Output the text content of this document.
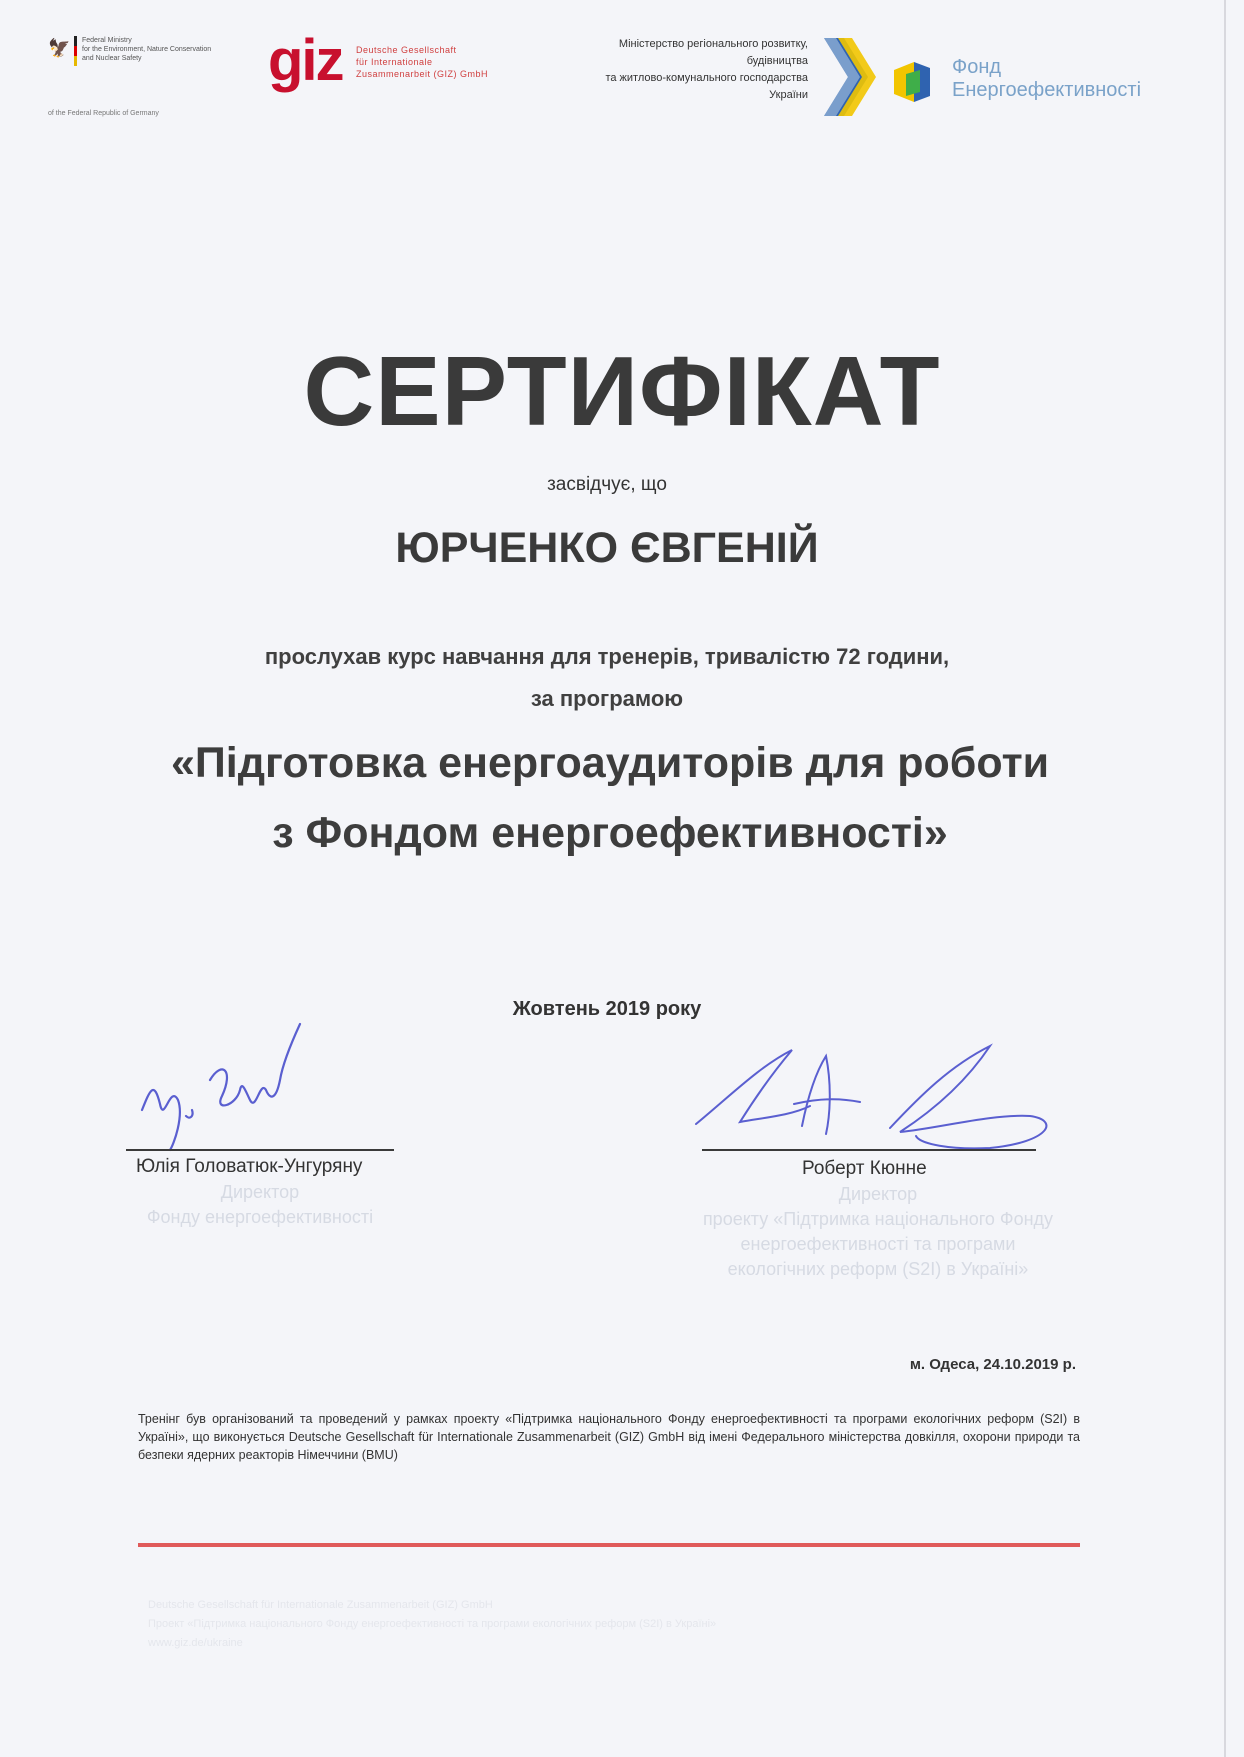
🦅 Federal Ministry
for the Environment, Nature Conservation
and Nuclear Safety
of the Federal Republic of Germany
giz Deutsche Gesellschaft
für Internationale
Zusammenarbeit (GIZ) GmbH
Міністерство регіонального розвитку,
будівництва
та житлово-комунального господарства
України
Фонд
Енергоефективності
СЕРТИФІКАТ
засвідчує, що
ЮРЧЕНКО ЄВГЕНІЙ
прослухав курс навчання для тренерів, тривалістю 72 години,
за програмою
«Підготовка енергоаудиторів для роботи з Фондом енергоефективності»
Жовтень 2019 року
Юлія Головатюк-Унгуряну
Директор
Фонду енергоефективності
Роберт Кюнне
Директор
проекту «Підтримка національного Фонду
енергоефективності та програми
екологічних реформ (S2I) в Україні»
м. Одеса, 24.10.2019 р.
Тренінг був організований та проведений у рамках проекту «Підтримка національного Фонду енергоефективності та програми екологічних реформ (S2I) в Україні», що виконується Deutsche Gesellschaft für Internationale Zusammenarbeit (GIZ) GmbH від імені Федерального міністерства довкілля, охорони природи та безпеки ядерних реакторів Німеччини (BMU)
Deutsche Gesellschaft für Internationale Zusammenarbeit (GIZ) GmbH
Проект «Підтримка національного Фонду енергоефективності та програми екологічних реформ (S2I) в Україні»
www.giz.de/ukraine
